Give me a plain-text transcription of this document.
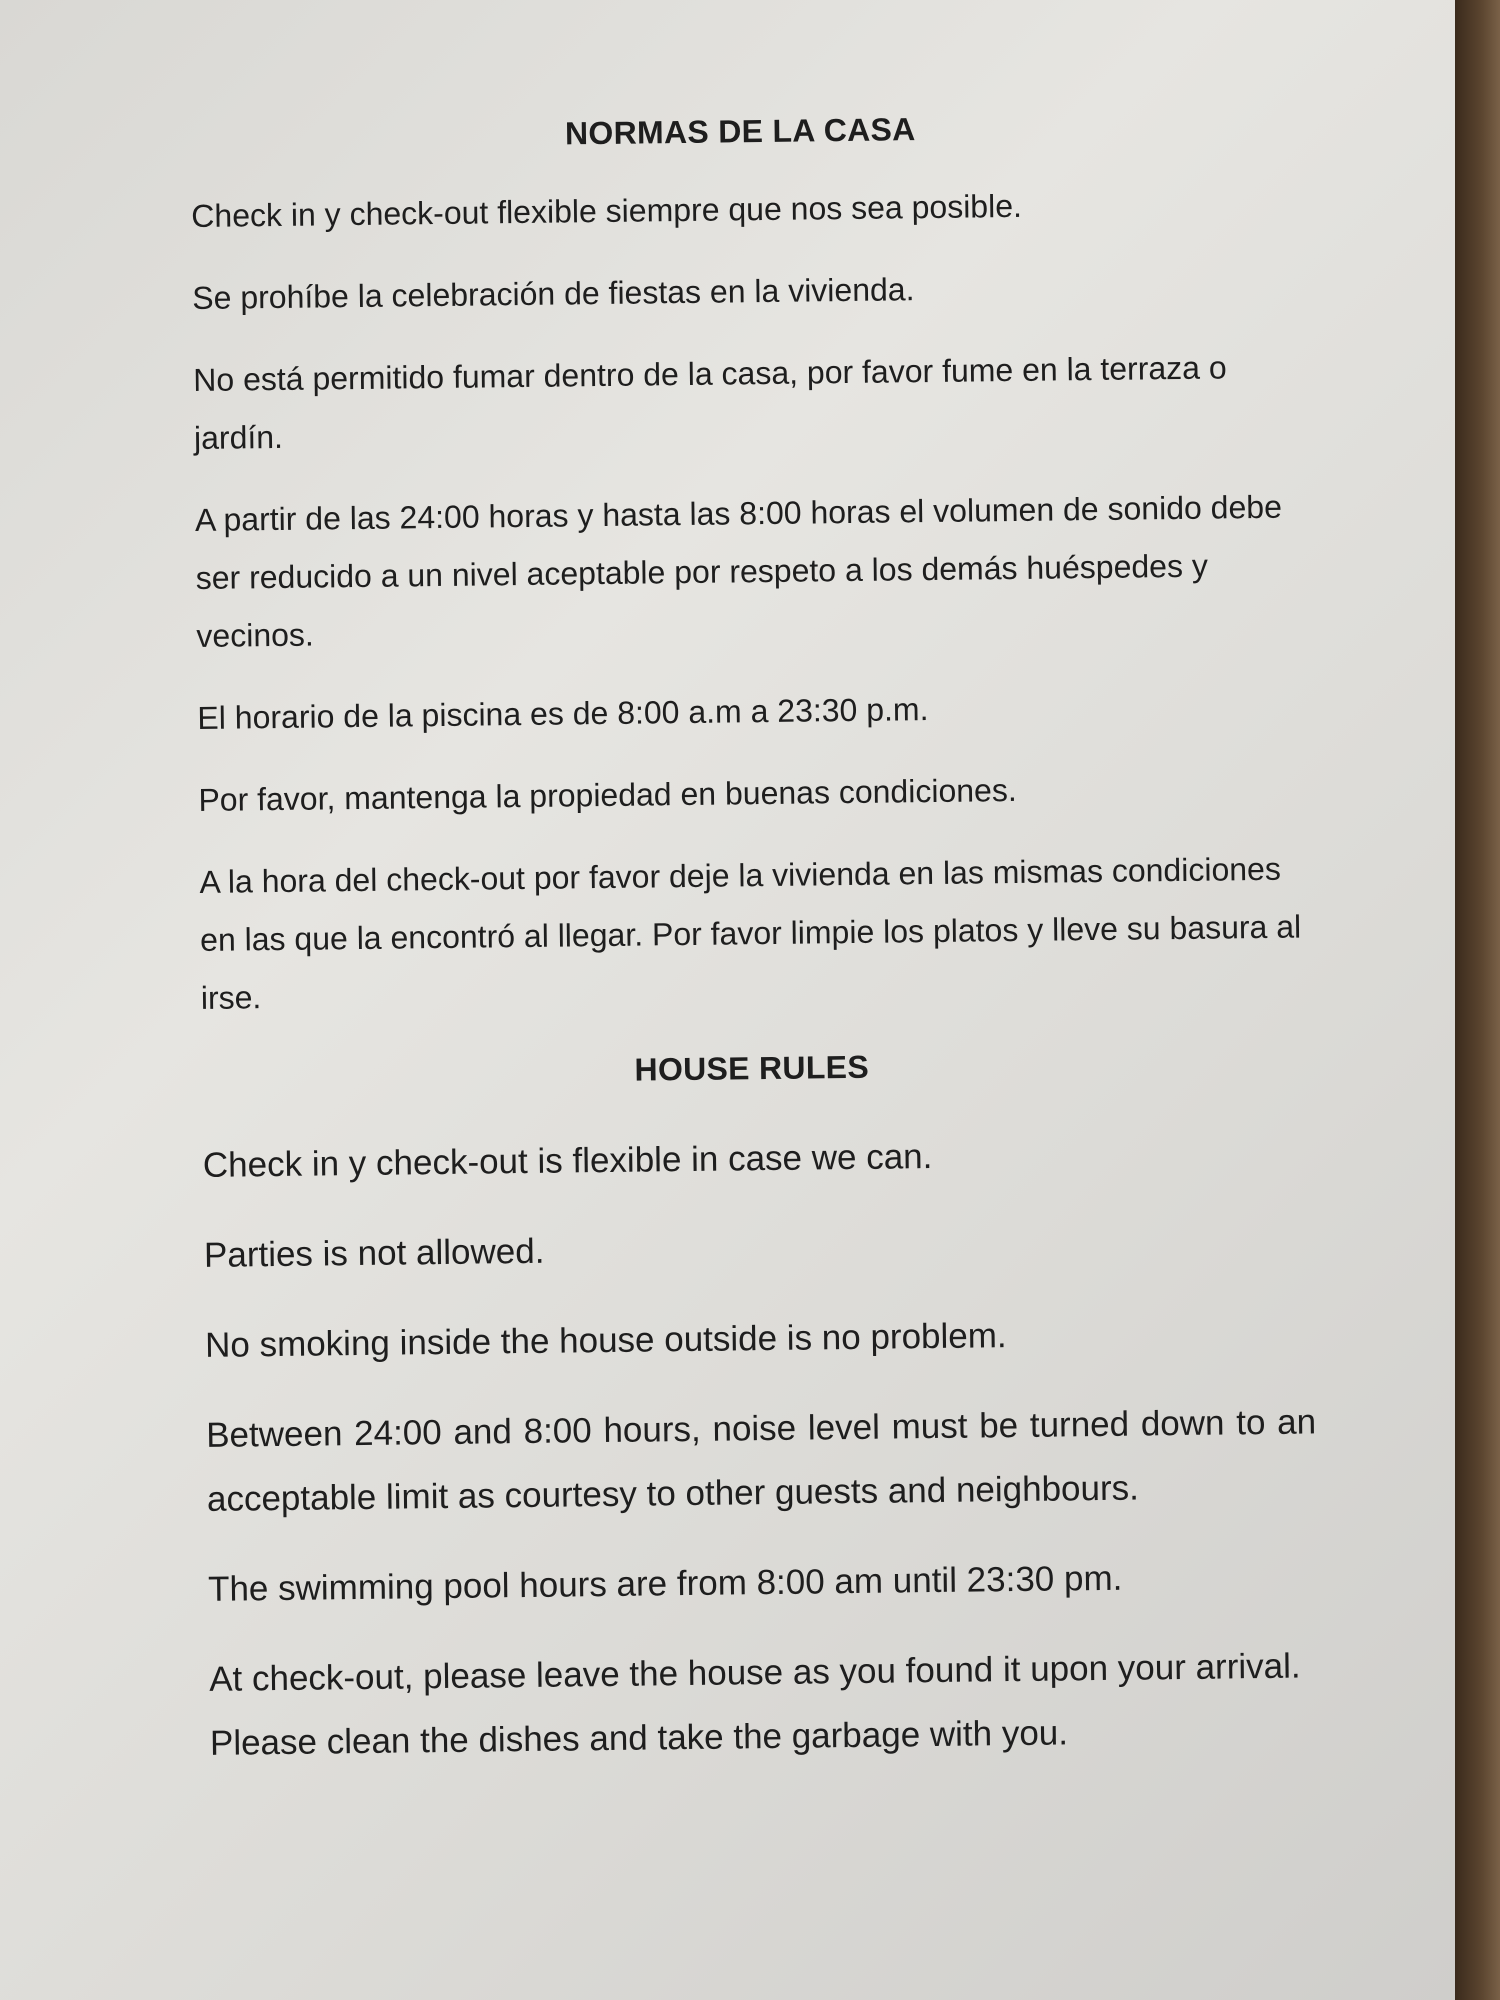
NORMAS DE LA CASA

Check in y check-out flexible siempre que nos sea posible.

Se prohíbe la celebración de fiestas en la vivienda.

No está permitido fumar dentro de la casa, por favor fume en la terraza o jardín.

A partir de las 24:00 horas y hasta las 8:00 horas el volumen de sonido debe ser reducido a un nivel aceptable por respeto a los demás huéspedes y vecinos.

El horario de la piscina es de 8:00 a.m a 23:30 p.m.

Por favor, mantenga la propiedad en buenas condiciones.

A la hora del check-out por favor deje la vivienda en las mismas condiciones en las que la encontró al llegar. Por favor limpie los platos y lleve su basura al irse.

HOUSE RULES

Check in y check-out is flexible in case we can.

Parties is not allowed.

No smoking inside the house outside is no problem.

Between 24:00 and 8:00 hours, noise level must be turned down to an acceptable limit as courtesy to other guests and neighbours.

The swimming pool hours are from 8:00 am until 23:30 pm.

At check-out, please leave the house as you found it upon your arrival. Please clean the dishes and take the garbage with you.
